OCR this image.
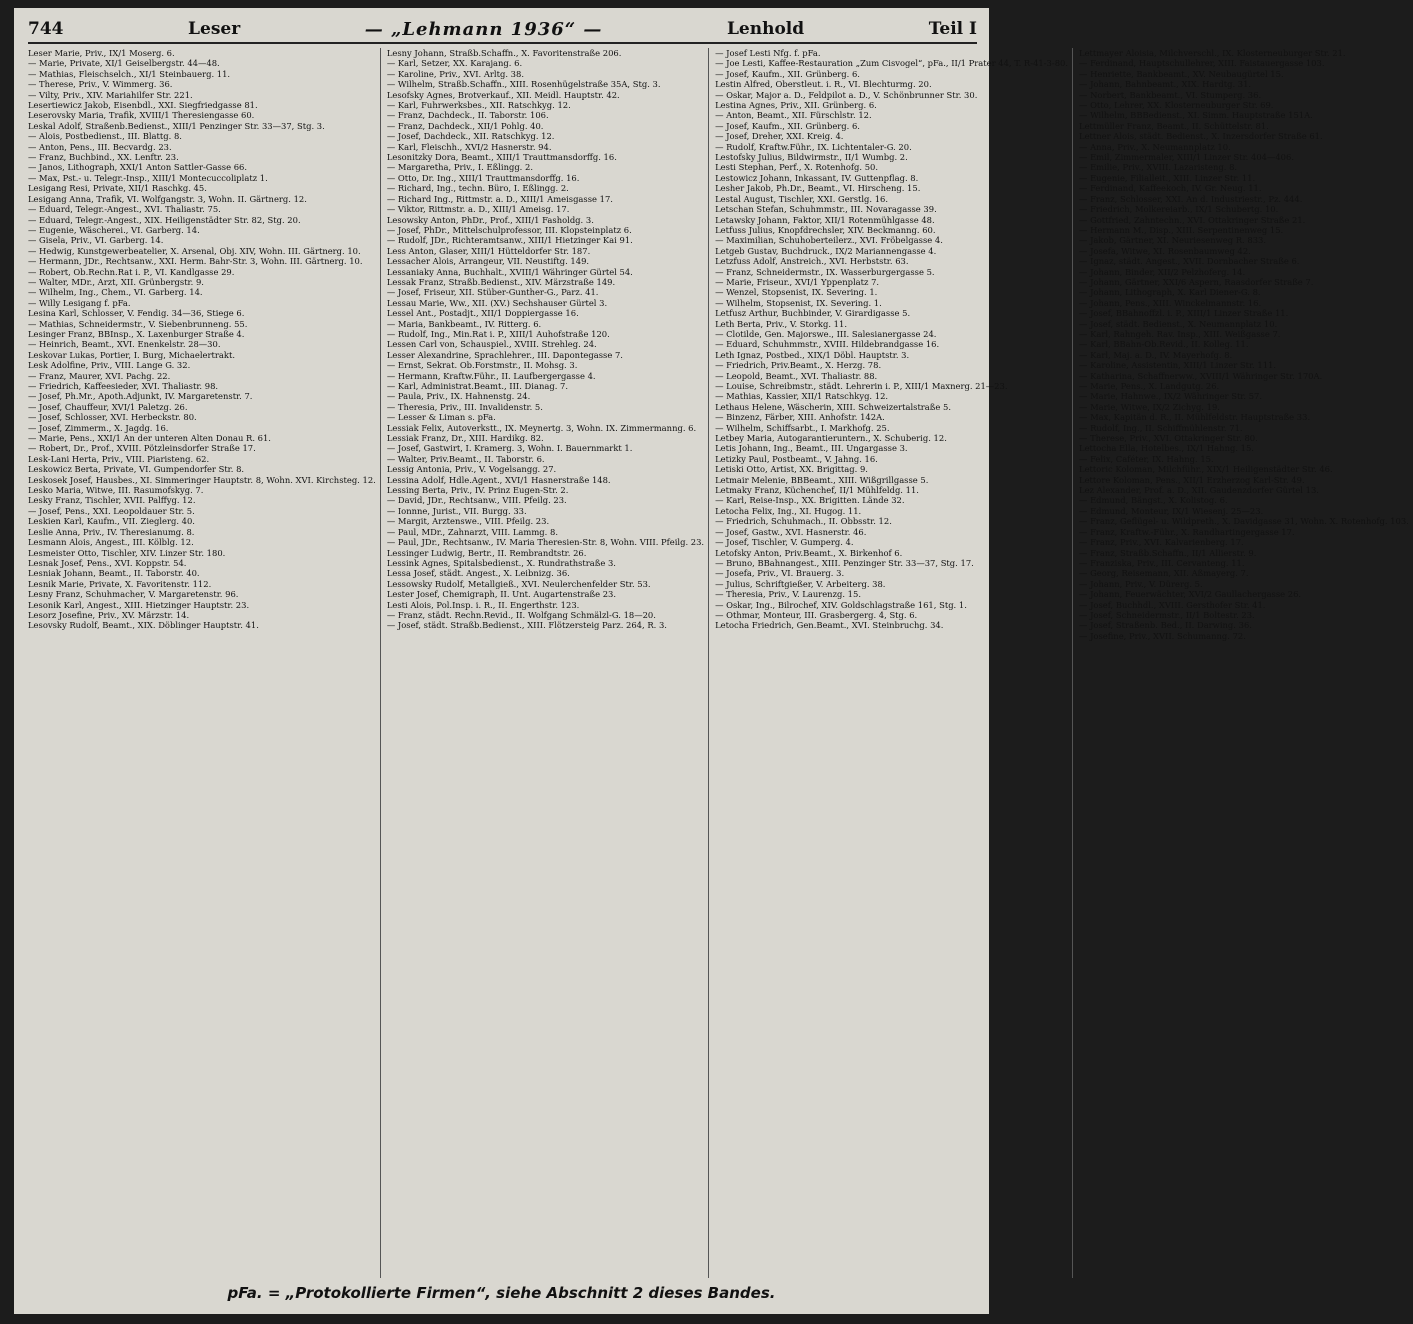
744	Leser	— „Lehmann 1936“ —	Lenhold	Teil I
Leser Marie, Priv., IX/1 Moserg. 6.
— Marie, Private, XI/1 Geiselbergstr. 44—48.
— Mathias, Fleischselch., XI/1 Steinbauerg. 11.
— Therese, Priv., V. Wimmerg. 36.
— Vilty, Priv., XIV. Mariahilfer Str. 221.
Lesertiewicz Jakob, Eisenbdl., XXI. Siegfriedgasse 81.
Leserovsky Maria, Trafik, XVIII/1 Theresiengasse 60.
Leskal Adolf, Straßenb.Bedienst., XIII/1 Penzinger Str. 33—37, Stg. 3.
— Alois, Postbedienst., III. Blattg. 8.
— Anton, Pens., III. Becvardg. 23.
— Franz, Buchbind., XX. Lenftr. 23.
— Janos, Lithograph, XXI/1 Anton Sattler-Gasse 66.
— Max, Pst.- u. Telegr.-Insp., XIII/1 Montecuccoliplatz 1.
Lesigang Resi, Private, XII/1 Raschkg. 45.
Lesigang Anna, Trafik, VI. Wolfgangstr. 3, Wohn. II. Gärtnerg. 12.
— Eduard, Telegr.-Angest., XVI. Thaliastr. 75.
— Eduard, Telegr.-Angest., XIX. Heiligenstädter Str. 82, Stg. 20.
— Eugenie, Wäscherei., VI. Garberg. 14.
— Gisela, Priv., VI. Garberg. 14.
— Hedwig, Kunstgewerbeatelier, X. Arsenal, Obj. XIV, Wohn. III. Gärtnerg. 10.
— Hermann, JDr., Rechtsanw., XXI. Herm. Bahr-Str. 3, Wohn. III. Gärtnerg. 10.
— Robert, Ob.Rechn.Rat i. P., VI. Kandlgasse 29.
— Walter, MDr., Arzt, XII. Grünbergstr. 9.
— Wilhelm, Ing., Chem., VI. Garberg. 14.
— Willy Lesigang f. pFa.
Lesina Karl, Schlosser, V. Fendig. 34—36, Stiege 6.
— Mathias, Schneidermstr., V. Siebenbrunneng. 55.
Lesinger Franz, BBInsp., X. Laxenburger Straße 4.
— Heinrich, Beamt., XVI. Enenkelstr. 28—30.
Leskovar Lukas, Portier, I. Burg, Michaelertrakt.
Lesk Adolfine, Priv., VIII. Lange G. 32.
— Franz, Maurer, XVI. Pachg. 22.
— Friedrich, Kaffeesieder, XVI. Thaliastr. 98.
— Josef, Ph.Mr., Apoth.Adjunkt, IV. Margaretenstr. 7.
— Josef, Chauffeur, XVI/1 Paletzg. 26.
— Josef, Schlosser, XVI. Herbeckstr. 80.
— Josef, Zimmerm., X. Jagdg. 16.
— Marie, Pens., XXI/1 An der unteren Alten Donau R. 61.
— Robert, Dr., Prof., XVIII. Pötzleinsdorfer Straße 17.
Lesk-Lani Herta, Priv., VIII. Piaristeng. 62.
Leskowicz Berta, Private, VI. Gumpendorfer Str. 8.
Leskosek Josef, Hausbes., XI. Simmeringer Hauptstr. 8, Wohn. XVI. Kirchsteg. 12.
Lesko Maria, Witwe, III. Rasumofskyg. 7.
Lesky Franz, Tischler, XVII. Palffyg. 12.
— Josef, Pens., XXI. Leopoldauer Str. 5.
Leskien Karl, Kaufm., VII. Zieglerg. 40.
Leslie Anna, Priv., IV. Theresianumg. 8.
Lesmann Alois, Angest., III. Kölblg. 12.
Lesmeister Otto, Tischler, XIV. Linzer Str. 180.
Lesnak Josef, Pens., XVI. Koppstr. 54.
Lesniak Johann, Beamt., II. Taborstr. 40.
Lesnik Marie, Private, X. Favoritenstr. 112.
Lesny Franz, Schuhmacher, V. Margaretenstr. 96.
Lesonik Karl, Angest., XIII. Hietzinger Hauptstr. 23.
Lesorz Josefine, Priv., XV. Märzstr. 14.
Lesovsky Rudolf, Beamt., XIX. Döblinger Hauptstr. 41.
Lesny Johann, Straßb.Schaffn., X. Favoritenstraße 206.
— Karl, Setzer, XX. Karajang. 6.
— Karoline, Priv., XVI. Arltg. 38.
— Wilhelm, Straßb.Schaffn., XIII. Rosenhügelstraße 35A, Stg. 3.
Lesofsky Agnes, Brotverkauf., XII. Meidl. Hauptstr. 42.
— Karl, Fuhrwerksbes., XII. Ratschkyg. 12.
— Franz, Dachdeck., II. Taborstr. 106.
— Franz, Dachdeck., XII/1 Pohlg. 40.
— Josef, Dachdeck., XII. Ratschkyg. 12.
— Karl, Fleischh., XVI/2 Hasnerstr. 94.
Lesonitzky Dora, Beamt., XIII/1 Trauttmansdorffg. 16.
— Margaretha, Priv., I. Eßlingg. 2.
— Otto, Dr. Ing., XIII/1 Trauttmansdorffg. 16.
— Richard, Ing., techn. Büro, I. Eßlingg. 2.
— Richard Ing., Rittmstr. a. D., XIII/1 Ameisgasse 17.
— Viktor, Rittmstr. a. D., XIII/1 Ameisg. 17.
Lesowsky Anton, PhDr., Prof., XIII/1 Fasholdg. 3.
— Josef, PhDr., Mittelschulprofessor, III. Klopsteinplatz 6.
— Rudolf, JDr., Richteramtsanw., XIII/1 Hietzinger Kai 91.
Less Anton, Glaser, XIII/1 Hütteldorfer Str. 187.
Lessacher Alois, Arrangeur, VII. Neustiftg. 149.
Lessaniaky Anna, Buchhalt., XVIII/1 Währinger Gürtel 54.
Lessak Franz, Straßb.Bedienst., XIV. Märzstraße 149.
— Josef, Friseur, XII. Stüber-Gunther-G., Parz. 41.
Lessau Marie, Ww., XII. (XV.) Sechshauser Gürtel 3.
Lessel Ant., Postadjt., XII/1 Doppiergasse 16.
— Maria, Bankbeamt., IV. Ritterg. 6.
— Rudolf, Ing., Min.Rat i. P., XIII/1 Auhofstraße 120.
Lessen Carl von, Schauspiel., XVIII. Strehleg. 24.
Lesser Alexandrine, Sprachlehrer., III. Dapontegasse 7.
— Ernst, Sekrat. Ob.Forstmstr., II. Mohsg. 3.
— Hermann, Kraftw.Führ., II. Laufbergergasse 4.
— Karl, Administrat.Beamt., III. Dianag. 7.
— Paula, Priv., IX. Hahnenstg. 24.
— Theresia, Priv., III. Invalidenstr. 5.
— Lesser & Liman s. pFa.
Lessiak Felix, Autoverkstt., IX. Meynertg. 3, Wohn. IX. Zimmermanng. 6.
Lessiak Franz, Dr., XIII. Hardikg. 82.
— Josef, Gastwirt, I. Kramerg. 3, Wohn. I. Bauernmarkt 1.
— Walter, Priv.Beamt., II. Taborstr. 6.
Lessig Antonia, Priv., V. Vogelsangg. 27.
Lessina Adolf, Hdle.Agent., XVI/1 Hasnerstraße 148.
Lessing Berta, Priv., IV. Prinz Eugen-Str. 2.
— David, JDr., Rechtsanw., VIII. Pfeilg. 23.
— Ionnne, Jurist., VII. Burgg. 33.
— Margit, Arztenswe., VIII. Pfeilg. 23.
— Paul, MDr., Zahnarzt, VIII. Lammg. 8.
— Paul, JDr., Rechtsanw., IV. Maria Theresien-Str. 8, Wohn. VIII. Pfeilg. 23.
Lessinger Ludwig, Bertr., II. Rembrandtstr. 26.
Lessink Agnes, Spitalsbedienst., X. Rundrathstraße 3.
Lessa Josef, städt. Angest., X. Leibnizg. 36.
Lessowsky Rudolf, Metallgieß., XVI. Neulerchenfelder Str. 53.
Lester Josef, Chemigraph, II. Unt. Augartenstraße 23.
Lesti Alois, Pol.Insp. i. R., II. Engerthstr. 123.
— Franz, städt. Rechn.Revid., II. Wolfgang Schmälzl-G. 18—20.
— Josef, städt. Straßb.Bedienst., XIII. Flötzersteig Parz. 264, R. 3.
— Josef Lesti Nfg. f. pFa.
— Joe Lesti, Kaffee-Restauration „Zum Cisvogel“, pFa., II/1 Prater 44, T. R-41-3-80.
— Josef, Kaufm., XII. Grünberg. 6.
Lestin Alfred, Oberstleut. i. R., VI. Blechturmg. 20.
— Oskar, Major a. D., Feldpilot a. D., V. Schönbrunner Str. 30.
Lestina Agnes, Priv., XII. Grünberg. 6.
— Anton, Beamt., XII. Fürschlstr. 12.
— Josef, Kaufm., XII. Grünberg. 6.
— Josef, Dreher, XXI. Kreig. 4.
— Rudolf, Kraftw.Führ., IX. Lichtentaler-G. 20.
Lestofsky Julius, Bildwirmstr., II/1 Wumbg. 2.
Lesti Stephan, Perf., X. Rotenhofg. 50.
Lestowicz Johann, Inkassant, IV. Guttenpflag. 8.
Lesher Jakob, Ph.Dr., Beamt., VI. Hirscheng. 15.
Lestal August, Tischler, XXI. Gerstlg. 16.
Letschan Stefan, Schuhmmstr., III. Novaragasse 39.
Letawsky Johann, Faktor, XII/1 Rotenmühlgasse 48.
Letfuss Julius, Knopfdrechsler, XIV. Beckmanng. 60.
— Maximilian, Schuhoberteilerz., XVI. Fröbelgasse 4.
Letgeb Gustav, Buchdruck., IX/2 Mariannengasse 4.
Letzfuss Adolf, Anstreich., XVI. Herbststr. 63.
— Franz, Schneidermstr., IX. Wasserburgergasse 5.
— Marie, Friseur., XVI/1 Yppenplatz 7.
— Wenzel, Stopsenist, IX. Severing. 1.
— Wilhelm, Stopsenist, IX. Severing. 1.
Letfusz Arthur, Buchbinder, V. Girardigasse 5.
Leth Berta, Priv., V. Storkg. 11.
— Clotilde, Gen. Majorswe., III. Salesianergasse 24.
— Eduard, Schuhmmstr., XVIII. Hildebrandgasse 16.
Leth Ignaz, Postbed., XIX/1 Döbl. Hauptstr. 3.
— Friedrich, Priv.Beamt., X. Herzg. 78.
— Leopold, Beamt., XVI. Thaliastr. 88.
— Louise, Schreibmstr., städt. Lehrerin i. P., XIII/1 Maxnerg. 21—23.
— Mathias, Kassier, XII/1 Ratschkyg. 12.
Lethaus Helene, Wäscherin, XIII. Schweizertalstraße 5.
— Binzenz, Färber, XIII. Anhofstr. 142A.
— Wilhelm, Schiffsarbt., I. Markhofg. 25.
Letbey Maria, Autogarantieruntern., X. Schuberig. 12.
Letis Johann, Ing., Beamt., III. Ungargasse 3.
Letizky Paul, Postbeamt., V. Jahng. 16.
Letiski Otto, Artist, XX. Brigittag. 9.
Letmair Melenie, BBBeamt., XIII. Wißgrillgasse 5.
Letmaky Franz, Küchenchef, II/1 Mühlfeldg. 11.
— Karl, Reise-Insp., XX. Brigitten. Lände 32.
Letocha Felix, Ing., XI. Hugog. 11.
— Friedrich, Schuhmach., II. Obbsstr. 12.
— Josef, Gastw., XVI. Hasnerstr. 46.
— Josef, Tischler, V. Gumperg. 4.
Letofsky Anton, Priv.Beamt., X. Birkenhof 6.
— Bruno, BBahnangest., XIII. Penzinger Str. 33—37, Stg. 17.
— Josefa, Priv., VI. Brauerg. 3.
— Julius, Schriftgießer, V. Arbeiterg. 38.
— Theresia, Priv., V. Laurenzg. 15.
— Oskar, Ing., Bilrochef, XIV. Goldschlagstraße 161, Stg. 1.
— Othmar, Monteur, III. Grasbergerg. 4, Stg. 6.
Letocha Friedrich, Gen.Beamt., XVI. Steinbruchg. 34.
Lettmayer Aloisia, Milchverschl., IX. Klosterneuburger Str. 21.
— Ferdinand, Hauptschullehrer, XIII. Faistauergasse 103.
— Henriette, Bankbeamt., XV. Neubaugürtel 15.
— Johann, Bahnbeamt., XIX. Hardtg. 31.
— Norbert, Bankbeamt., VI. Stumperg. 36.
— Otto, Lehrer, XX. Klosterneuburger Str. 69.
— Wilhelm, BBBedienst., XI. Simm. Hauptstraße 151A.
Lettmüller Franz, Beamt., II. Schüttelstr. 81.
Lettner Alois, städt. Bedienst., X. Inzersdorfer Straße 61.
— Anna, Priv., X. Neumannplatz 10.
— Emil, Zimmermaler, XIII/1 Linzer Str. 404—406.
— Emilie, Priv., XVIII. Lazaristeng. 8.
— Eugenie, Filialleit., XIII. Linzer Str. 11.
— Ferdinand, Kaffeekoch, IV. Gr. Neug. 11.
— Franz, Schlosser, XXI. An d. Industriestr., Pz. 444.
— Friedrich, Molkereiarb., IX/1 Schubertg. 10.
— Gottfried, Zahntechn., XVI. Ottakringer Straße 21.
— Hermann M., Disp., XIII. Serpentinenweg 15.
— Jakob, Gärtner, XI. Neuriesenweg R. 833.
— Josefa, Witwe, XI. Rosenbaumweg 42.
— Ignaz, städt. Angest., XVII. Dornbacher Straße 6.
— Johann, Binder, XII/2 Pelzhoferg. 14.
— Johann, Gärtner, XXI/6 Aspern, Raasdorfer Straße 7.
— Johann, Lithograph, X. Karl Diener-G. 8.
— Johann, Pens., XIII. Winckelmannstr. 16.
— Josef, BBahnoffzl. i. P., XIII/1 Linzer Straße 11.
— Josef, städt. Bedienst., X. Neumannplatz 10.
— Karl, Rahngeh. Rav. Insp., XIII. Weißgasse 7.
— Karl, BBahn-Ob.Revid., II. Kolleg. 11.
— Karl, Maj. a. D., IV. Mayerhofg. 8.
— Karoline, Assistentin, XIII/1 Linzer Str. 111.
— Katharina, Schaffnerww., XVIII/1 Währinger Str. 170A.
— Marie, Pens., X. Landgutg. 26.
— Marie, Hahnwe., IX/2 Währinger Str. 57.
— Marie, Witwe, IX/2 Zichyg. 19.
— Max, Kapitän d. R., II. Mühlfeldstr. Hauptstraße 33.
— Rudolf, Ing., II. Schiffmühlenstr. 71.
— Therese, Priv., XVI. Ottakringer Str. 80.
Lettocha Ella, Hotelbes., IX/1 Hahng. 15.
— Felix, Caféter, IX. Hahng. 15.
Lettoric Koloman, Milchführ., XIX/1 Heiligenstädter Str. 46.
Lettore Koloman, Pens., XII/1 Erzherzog Karl-Str. 49.
Lez Alexander, Prof. a. D., XII. Gaudenzdorfer Gürtel 13.
— Edmund, Bängst., X. Kolistog. 6.
— Edmund, Monteur, IX/1 Wiesenj. 25—23.
— Franz, Geflügel- u. Wildpreth., X. Davidgasse 31, Wohn. X. Rotenhofg. 103.
— Franz, Kraftw.-Führ., X. Randhartingergasse 17.
— Franz, Priv., XVI. Kalvarienberg. 17.
— Franz, Straßb.Schaffn., II/1 Allierstr. 9.
— Franziska, Priv., III. Cervanteng. 11.
— Georg, Reisemann, XII. Aßmayerg. 7.
— Johann, Priv., V. Dürerg. 5.
— Johann, Feuerwächter, XVI/2 Gaullachergasse 26.
— Josef, Buchhdl., XVIII. Gersthofer Str. 41.
— Josef, Schneidermstr., II/1 Boltestr. 23.
— Josef, Straßenb. Bed., II. Darwing. 36.
— Josefine, Priv., XVII. Schumanng. 72.
pFa. = „Protokollierte Firmen“, siehe Abschnitt 2 dieses Bandes.
